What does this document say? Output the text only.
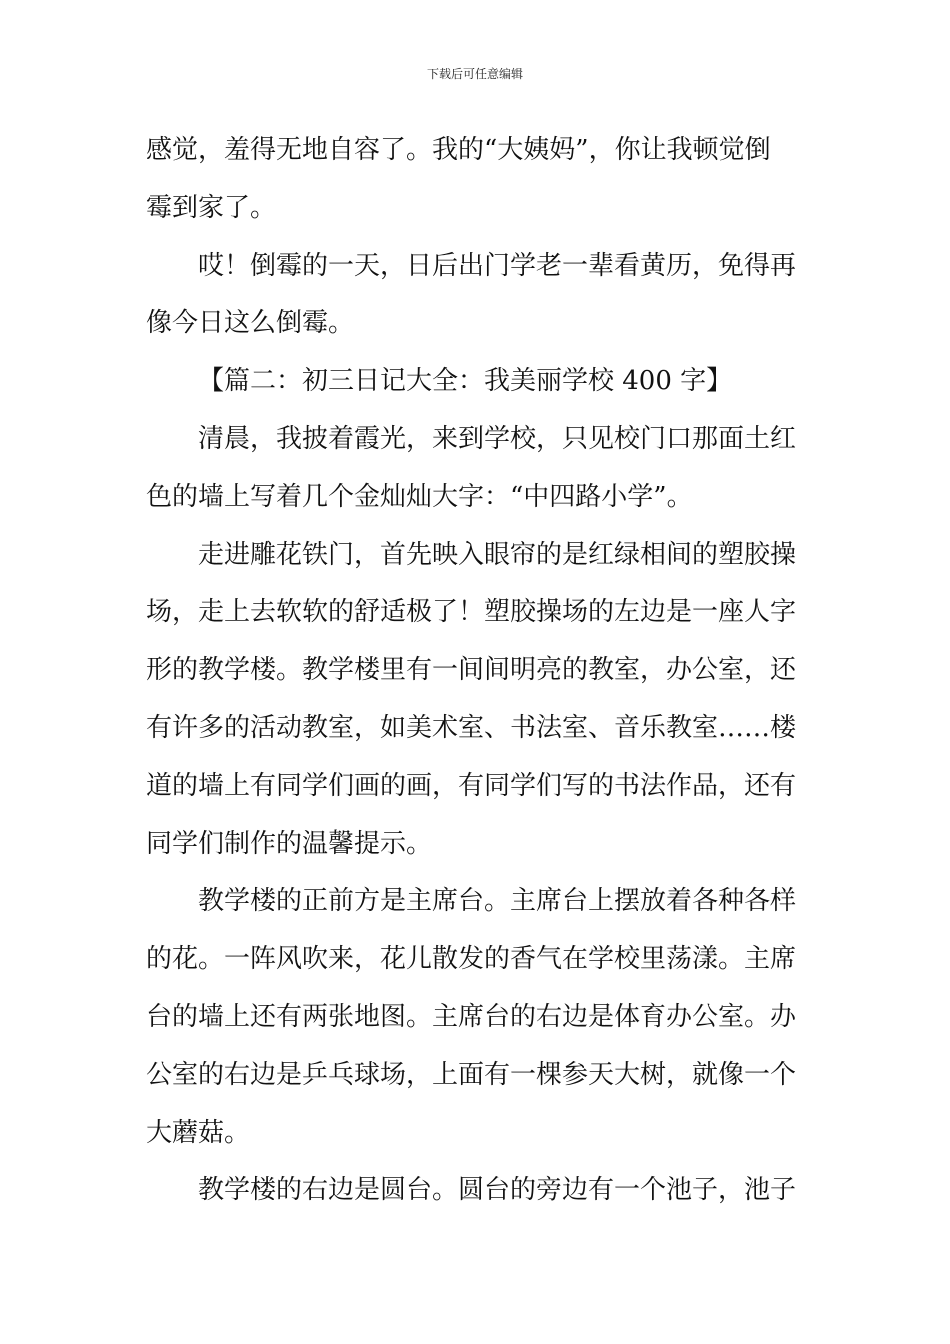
下载后可任意编辑
感觉，羞得无地自容了。我的“大姨妈”，你让我顿觉倒
霉到家了。
哎！倒霉的一天，日后出门学老一辈看黄历，免得再
像今日这么倒霉。
【篇二：初三日记大全：我美丽学校 400 字】
清晨，我披着霞光，来到学校，只见校门口那面土红
色的墙上写着几个金灿灿大字：“中四路小学”。
走进雕花铁门，首先映入眼帘的是红绿相间的塑胶操
场，走上去软软的舒适极了！塑胶操场的左边是一座人字
形的教学楼。教学楼里有一间间明亮的教室，办公室，还
有许多的活动教室，如美术室、书法室、音乐教室……楼
道的墙上有同学们画的画，有同学们写的书法作品，还有
同学们制作的温馨提示。
教学楼的正前方是主席台。主席台上摆放着各种各样
的花。一阵风吹来，花儿散发的香气在学校里荡漾。主席
台的墙上还有两张地图。主席台的右边是体育办公室。办
公室的右边是乒乓球场，上面有一棵参天大树，就像一个
大蘑菇。
教学楼的右边是圆台。圆台的旁边有一个池子，池子
